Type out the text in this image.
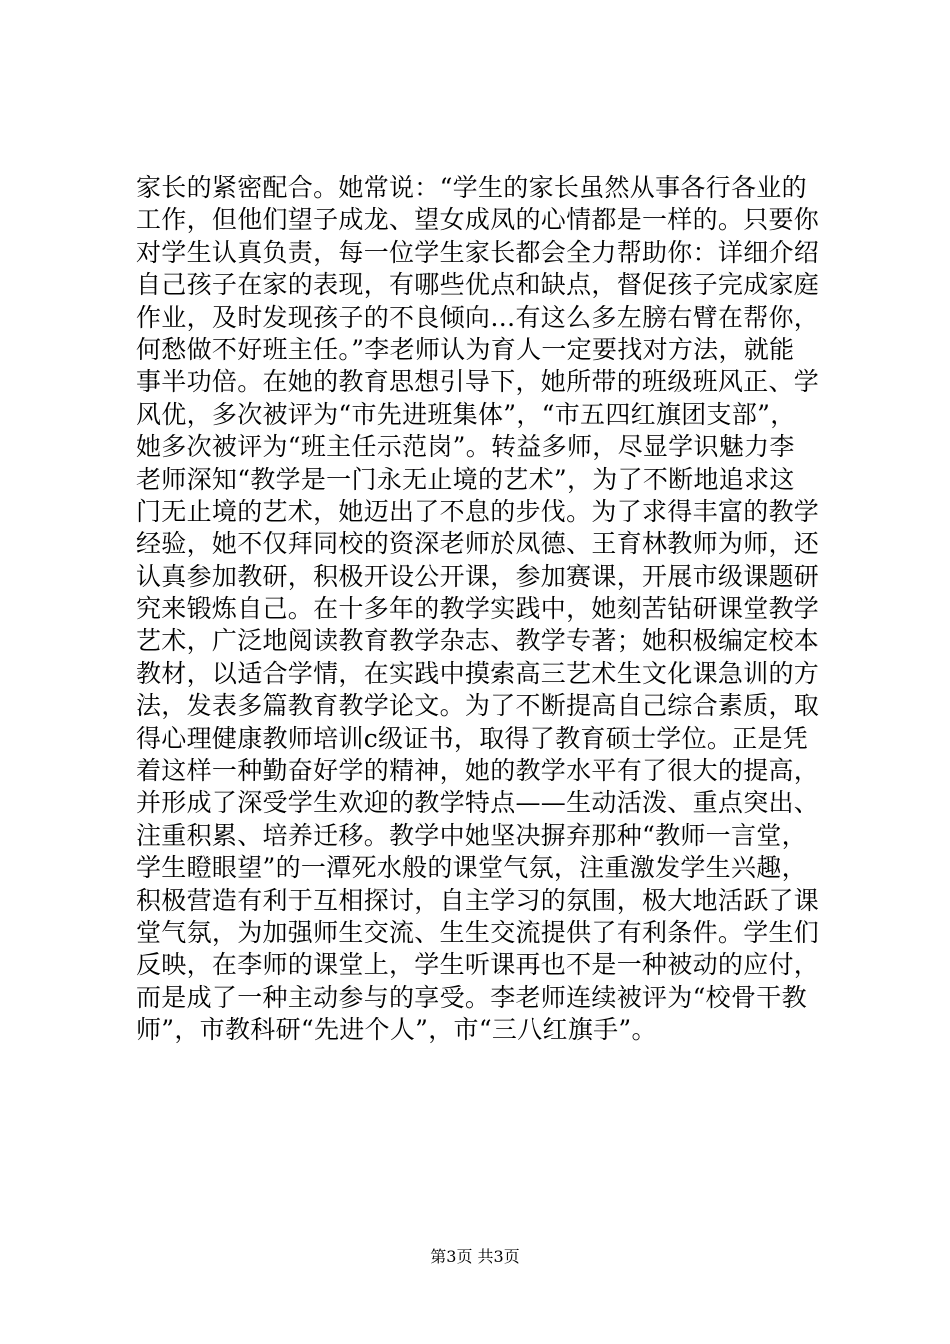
家长的紧密配合。她常说：“学生的家长虽然从事各行各业的
工作，但他们望子成龙、望女成凤的心情都是一样的。只要你
对学生认真负责，每一位学生家长都会全力帮助你：详细介绍
自己孩子在家的表现，有哪些优点和缺点，督促孩子完成家庭
作业，及时发现孩子的不良倾向…有这么多左膀右臂在帮你，
何愁做不好班主任。”李老师认为育人一定要找对方法，就能
事半功倍。在她的教育思想引导下，她所带的班级班风正、学
风优，多次被评为“市先进班集体”，“市五四红旗团支部”，
她多次被评为“班主任示范岗”。转益多师，尽显学识魅力李
老师深知“教学是一门永无止境的艺术”，为了不断地追求这
门无止境的艺术，她迈出了不息的步伐。为了求得丰富的教学
经验，她不仅拜同校的资深老师於凤德、王育林教师为师，还
认真参加教研，积极开设公开课，参加赛课，开展市级课题研
究来锻炼自己。在十多年的教学实践中，她刻苦钻研课堂教学
艺术，广泛地阅读教育教学杂志、教学专著；她积极编定校本
教材，以适合学情，在实践中摸索高三艺术生文化课急训的方
法，发表多篇教育教学论文。为了不断提高自己综合素质，取
得心理健康教师培训c级证书，取得了教育硕士学位。正是凭
着这样一种勤奋好学的精神，她的教学水平有了很大的提高，
并形成了深受学生欢迎的教学特点——生动活泼、重点突出、
注重积累、培养迁移。教学中她坚决摒弃那种“教师一言堂，
学生瞪眼望”的一潭死水般的课堂气氛，注重激发学生兴趣，
积极营造有利于互相探讨，自主学习的氛围，极大地活跃了课
堂气氛，为加强师生交流、生生交流提供了有利条件。学生们
反映，在李师的课堂上，学生听课再也不是一种被动的应付，
而是成了一种主动参与的享受。李老师连续被评为“校骨干教
师”，市教科研“先进个人”，市“三八红旗手”。
第3页 共3页
